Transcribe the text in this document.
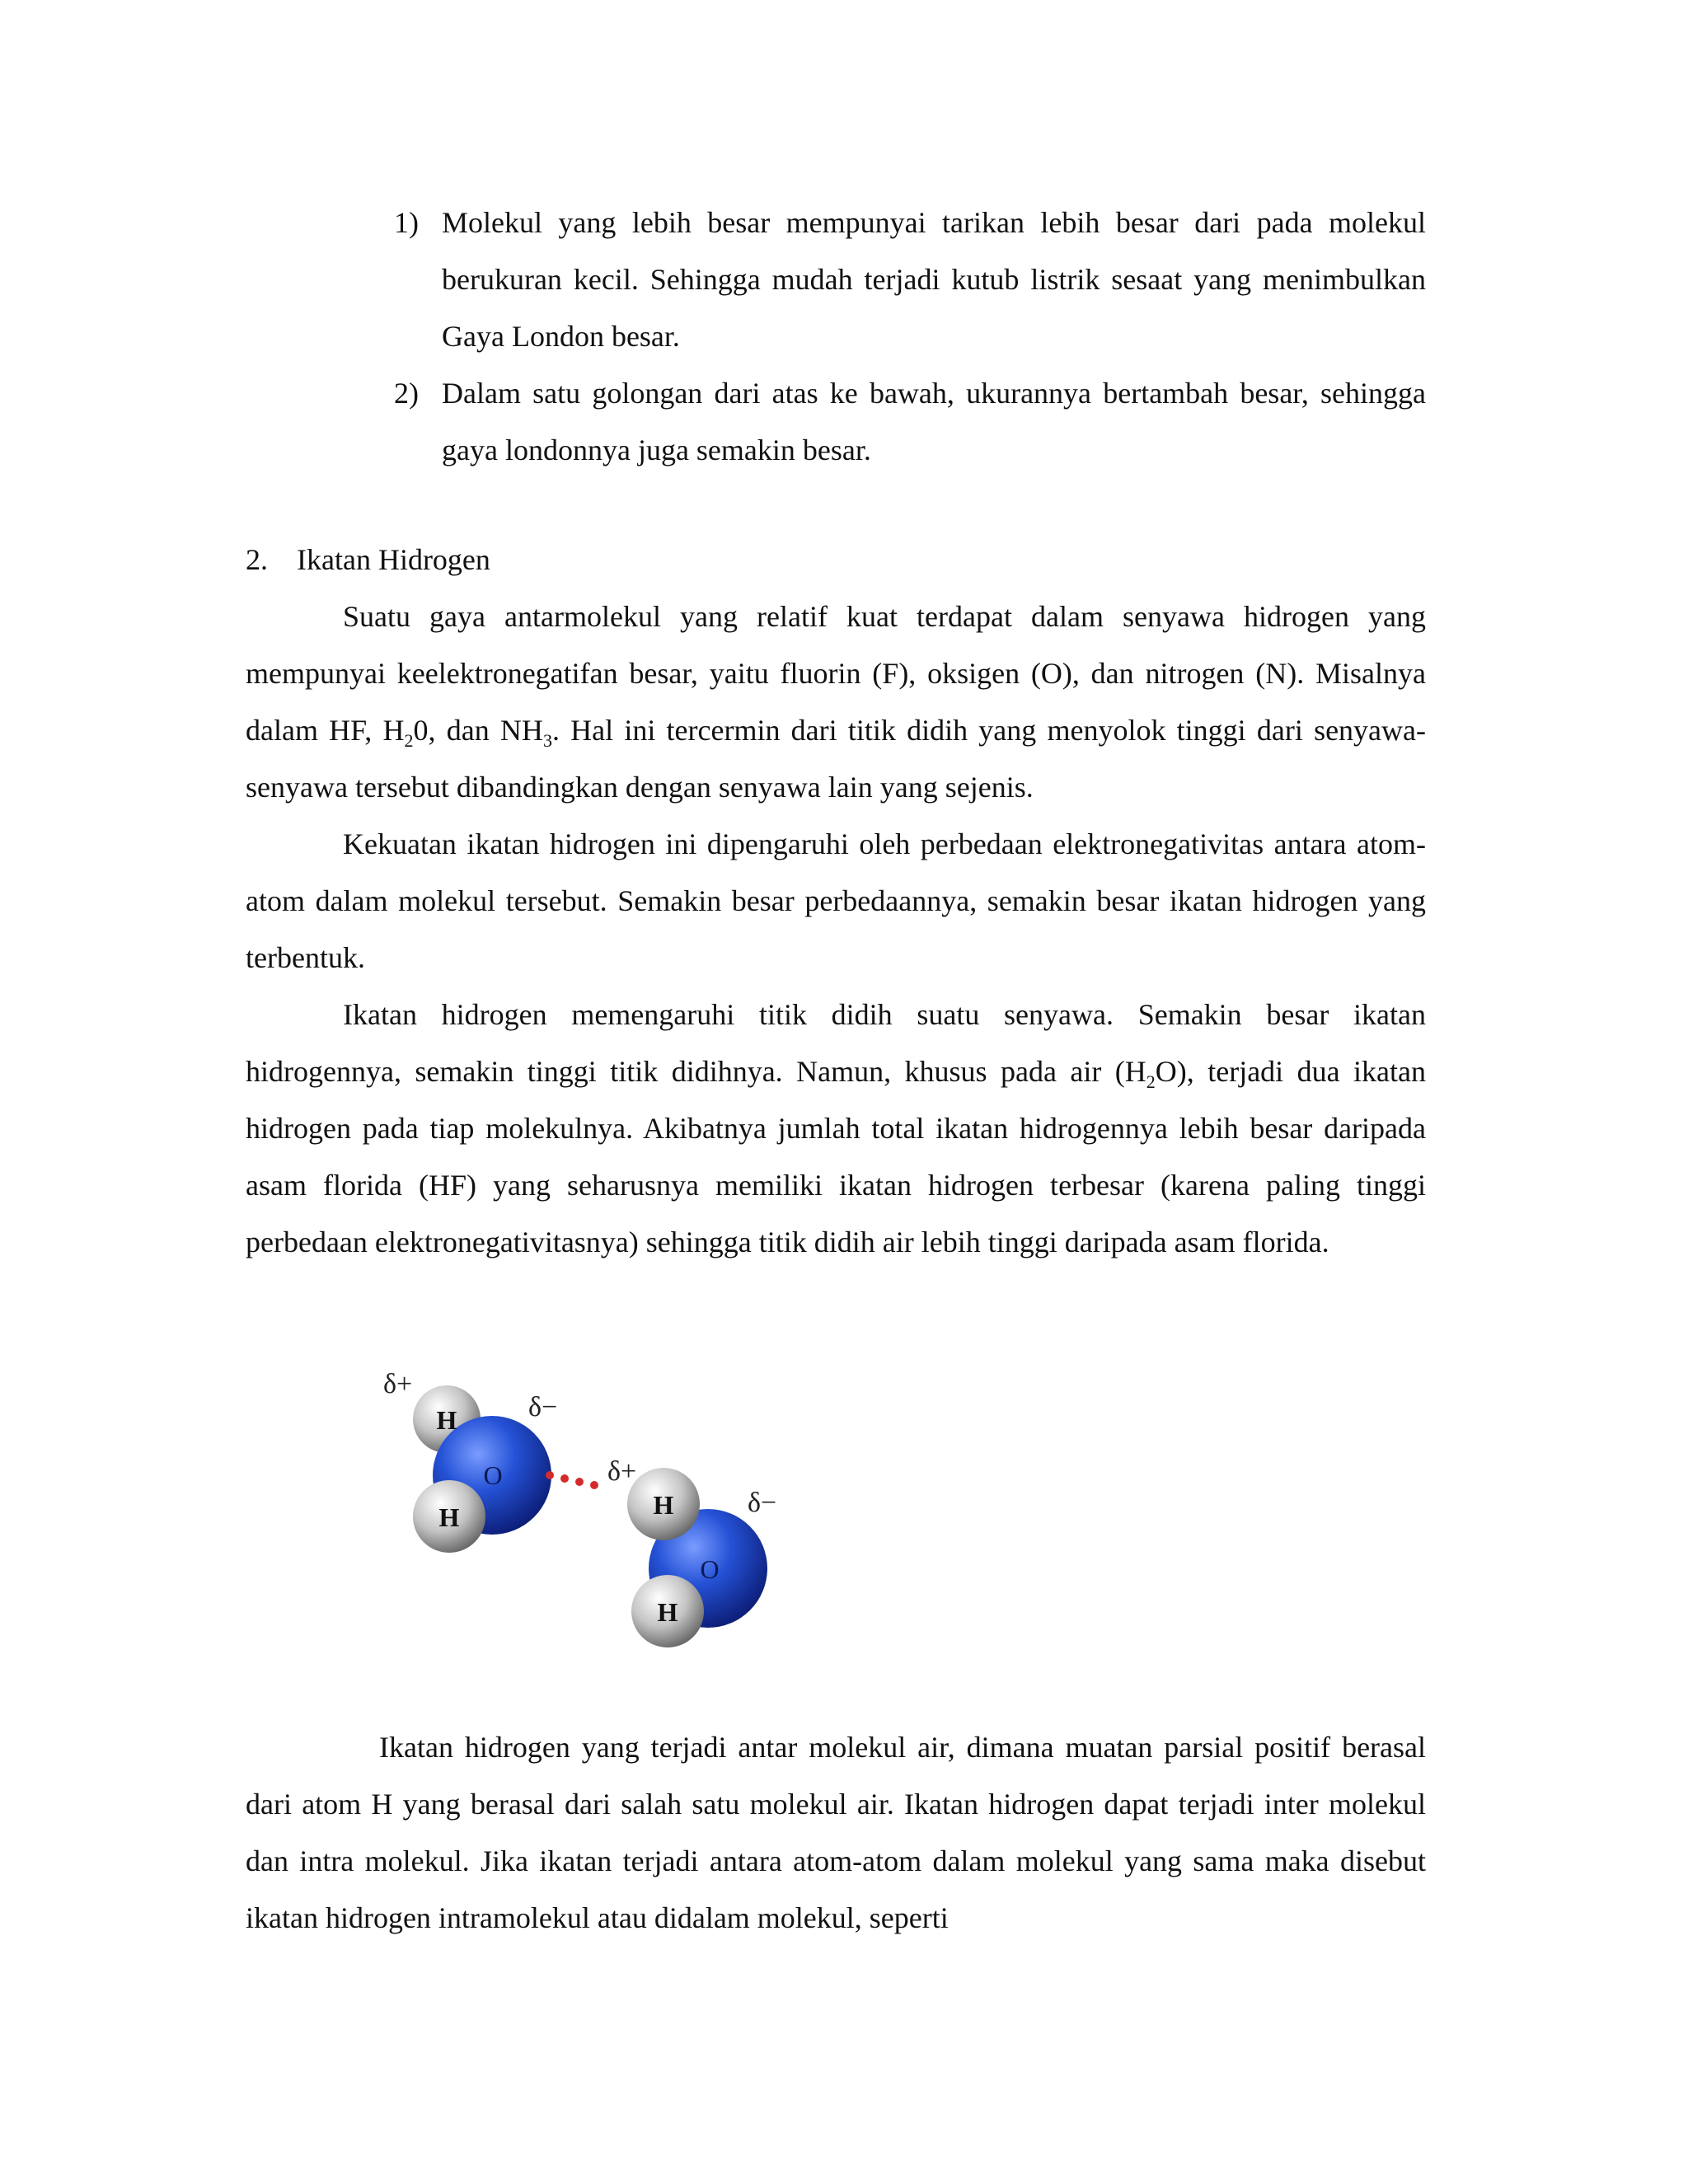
1) Molekul yang lebih besar mempunyai tarikan lebih besar dari pada molekul berukuran kecil. Sehingga mudah terjadi kutub listrik sesaat yang menimbulkan Gaya London besar.

2) Dalam satu golongan dari atas ke bawah, ukurannya bertambah besar, sehingga gaya londonnya juga semakin besar.

2. Ikatan Hidrogen

Suatu gaya antarmolekul yang relatif kuat terdapat dalam senyawa hidrogen yang mempunyai keelektronegatifan besar, yaitu fluorin (F), oksigen (O), dan nitrogen (N). Misalnya dalam HF, $H_20$, dan $NH_3$. Hal ini tercermin dari titik didih yang menyolok tinggi dari senyawa-senyawa tersebut dibandingkan dengan senyawa lain yang sejenis.

Kekuatan ikatan hidrogen ini dipengaruhi oleh perbedaan elektronegativitas antara atom-atom dalam molekul tersebut. Semakin besar perbedaannya, semakin besar ikatan hidrogen yang terbentuk.

Ikatan hidrogen memengaruhi titik didih suatu senyawa. Semakin besar ikatan hidrogennya, semakin tinggi titik didihnya. Namun, khusus pada air $(H_2O)$, terjadi dua ikatan hidrogen pada tiap molekulnya. Akibatnya jumlah total ikatan hidrogennya lebih besar daripada asam florida (HF) yang seharusnya memiliki ikatan hidrogen terbesar (karena paling tinggi perbedaan elektronegativitasnya) sehingga titik didih air lebih tinggi daripada asam florida.

H
O
H
δ+
δ−
H
O
H
δ+
δ−

Ikatan hidrogen yang terjadi antar molekul air, dimana muatan parsial positif berasal dari atom H yang berasal dari salah satu molekul air. Ikatan hidrogen dapat terjadi inter molekul dan intra molekul. Jika ikatan terjadi antara atom-atom dalam molekul yang sama maka disebut ikatan hidrogen intramolekul atau didalam molekul, seperti
